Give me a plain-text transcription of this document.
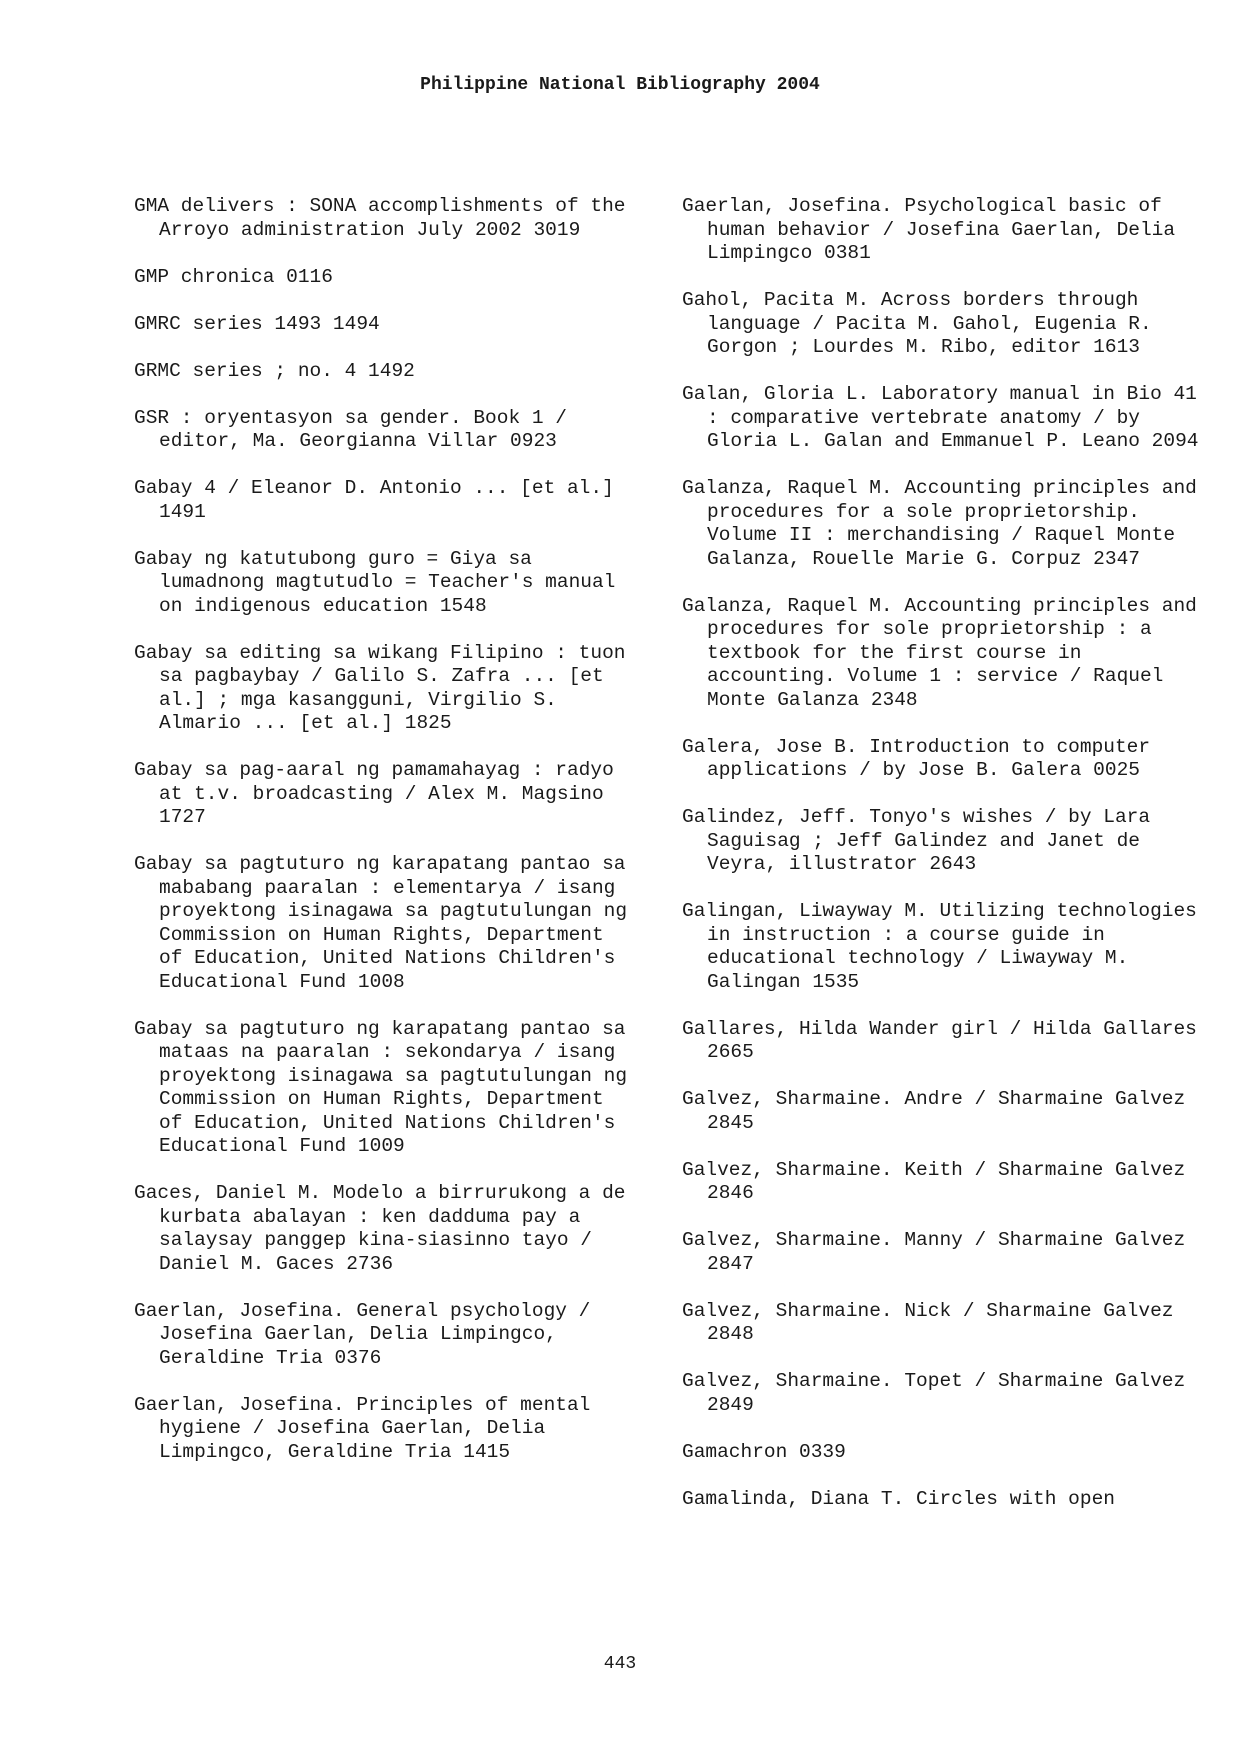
Philippine National Bibliography 2004

GMA delivers : SONA accomplishments of the Arroyo administration July 2002 3019

GMP chronica 0116

GMRC series 1493 1494

GRMC series ; no. 4 1492

GSR : oryentasyon sa gender. Book 1 / editor, Ma. Georgianna Villar 0923

Gabay 4 / Eleanor D. Antonio ... [et al.] 1491

Gabay ng katutubong guro = Giya sa lumadnong magtutudlo = Teacher's manual on indigenous education 1548

Gabay sa editing sa wikang Filipino : tuon sa pagbaybay / Galilo S. Zafra ... [et al.] ; mga kasangguni, Virgilio S. Almario ... [et al.] 1825

Gabay sa pag-aaral ng pamamahayag : radyo at t.v. broadcasting / Alex M. Magsino 1727

Gabay sa pagtuturo ng karapatang pantao sa mababang paaralan : elementarya / isang proyektong isinagawa sa pagtutulungan ng Commission on Human Rights, Department of Education, United Nations Children's Educational Fund 1008

Gabay sa pagtuturo ng karapatang pantao sa mataas na paaralan : sekondarya / isang proyektong isinagawa sa pagtutulungan ng Commission on Human Rights, Department of Education, United Nations Children's Educational Fund 1009

Gaces, Daniel M. Modelo a birrurukong a de kurbata abalayan : ken dadduma pay a salaysay panggep kina-siasinno tayo / Daniel M. Gaces 2736

Gaerlan, Josefina. General psychology / Josefina Gaerlan, Delia Limpingco, Geraldine Tria 0376

Gaerlan, Josefina. Principles of mental hygiene / Josefina Gaerlan, Delia Limpingco, Geraldine Tria 1415

Gaerlan, Josefina. Psychological basic of human behavior / Josefina Gaerlan, Delia Limpingco 0381

Gahol, Pacita M. Across borders through language / Pacita M. Gahol, Eugenia R. Gorgon ; Lourdes M. Ribo, editor 1613

Galan, Gloria L. Laboratory manual in Bio 41 : comparative vertebrate anatomy / by Gloria L. Galan and Emmanuel P. Leano 2094

Galanza, Raquel M. Accounting principles and procedures for a sole proprietorship. Volume II : merchandising / Raquel Monte Galanza, Rouelle Marie G. Corpuz 2347

Galanza, Raquel M. Accounting principles and procedures for sole proprietorship : a textbook for the first course in accounting. Volume 1 : service / Raquel Monte Galanza 2348

Galera, Jose B. Introduction to computer applications / by Jose B. Galera 0025

Galindez, Jeff. Tonyo's wishes / by Lara Saguisag ; Jeff Galindez and Janet de Veyra, illustrator 2643

Galingan, Liwayway M. Utilizing technologies in instruction : a course guide in educational technology / Liwayway M. Galingan 1535

Gallares, Hilda Wander girl / Hilda Gallares 2665

Galvez, Sharmaine. Andre / Sharmaine Galvez 2845

Galvez, Sharmaine. Keith / Sharmaine Galvez 2846

Galvez, Sharmaine. Manny / Sharmaine Galvez 2847

Galvez, Sharmaine. Nick / Sharmaine Galvez 2848

Galvez, Sharmaine. Topet / Sharmaine Galvez 2849

Gamachron 0339

Gamalinda, Diana T. Circles with open

443
